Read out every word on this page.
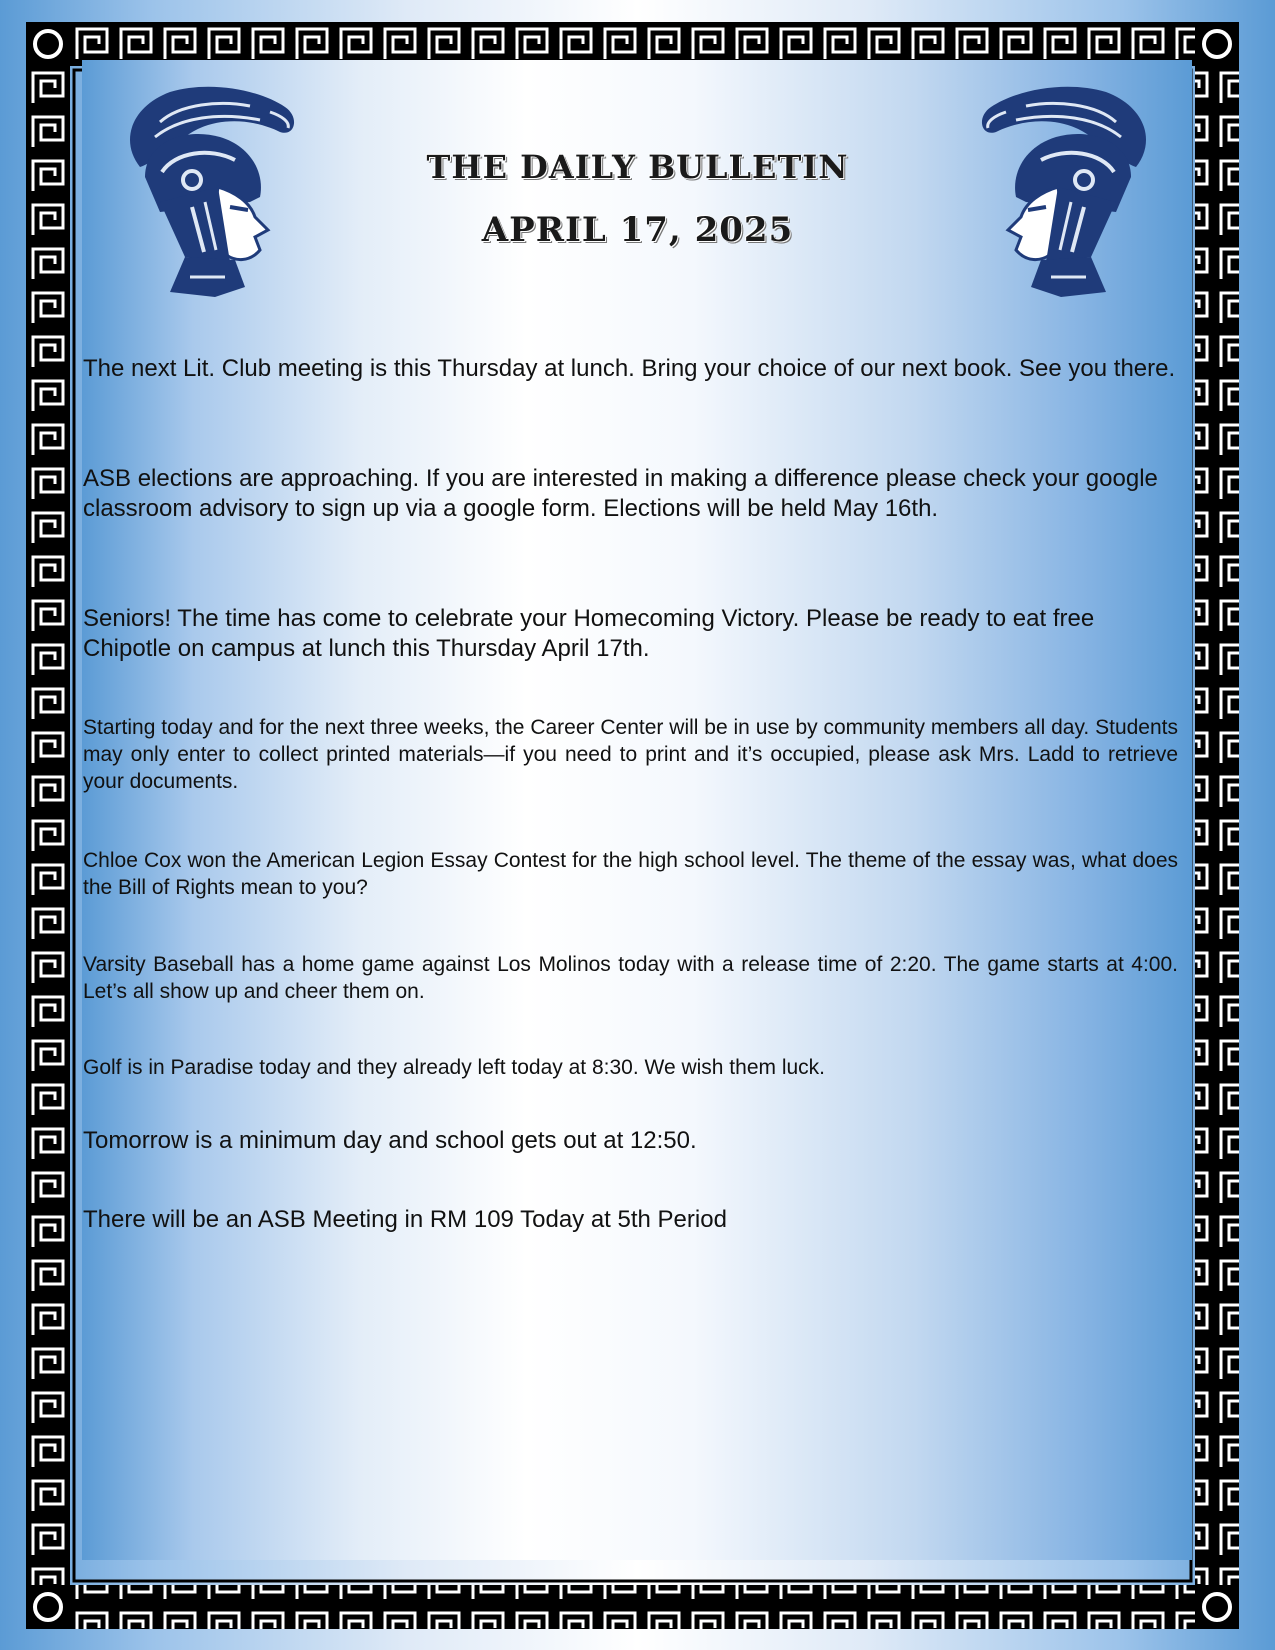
THE DAILY BULLETIN
APRIL 17, 2025

The next Lit. Club meeting is this Thursday at lunch. Bring your choice of our next book. See you there.

ASB elections are approaching. If you are interested in making a difference please check your google classroom advisory to sign up via a google form. Elections will be held May 16th.

Seniors! The time has come to celebrate your Homecoming Victory. Please be ready to eat free Chipotle on campus at lunch this Thursday April 17th.

Starting today and for the next three weeks, the Career Center will be in use by community members all day. Students may only enter to collect printed materials—if you need to print and it’s occupied, please ask Mrs. Ladd to retrieve your documents.

Chloe Cox won the American Legion Essay Contest for the high school level. The theme of the essay was, what does the Bill of Rights mean to you?

Varsity Baseball has a home game against Los Molinos today with a release time of 2:20. The game starts at 4:00. Let’s all show up and cheer them on.

Golf is in Paradise today and they already left today at 8:30. We wish them luck.

Tomorrow is a minimum day and school gets out at 12:50.

There will be an ASB Meeting in RM 109 Today at 5th Period
